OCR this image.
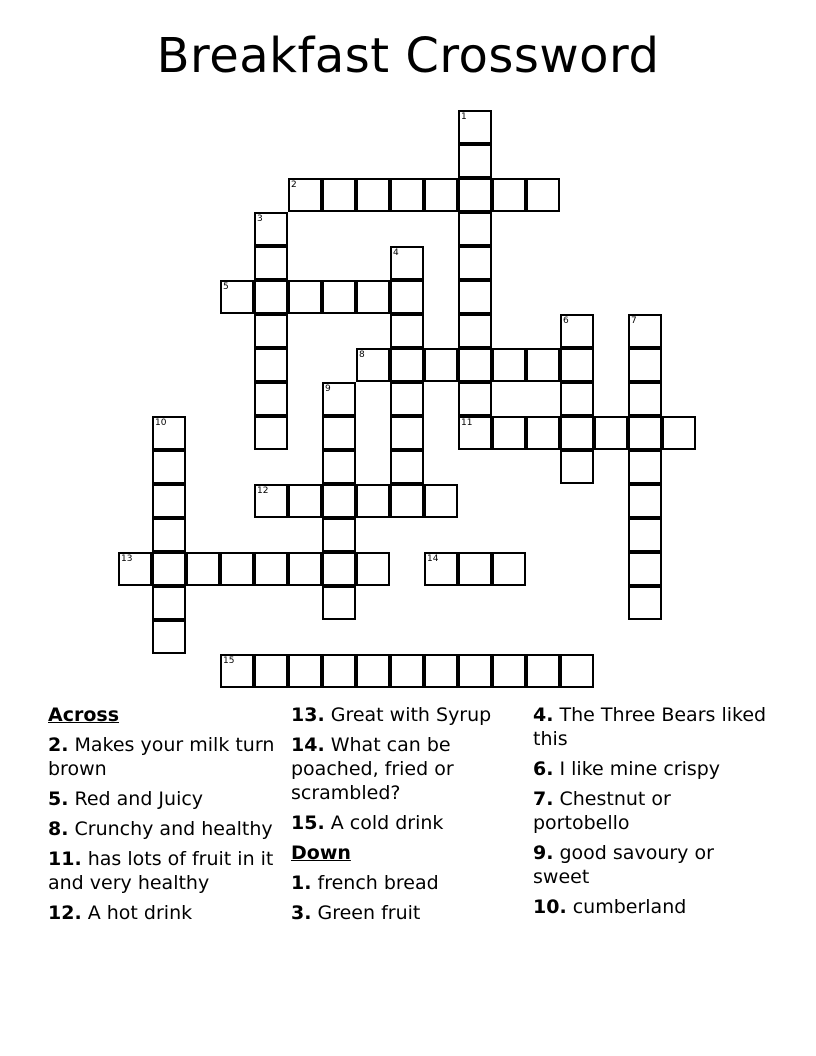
Breakfast Crossword
1
11
2
3
4
5
6	7
8
9
10
12
13	14
15
Across
2. Makes your milk turn brown
5. Red and Juicy
8. Crunchy and healthy
11. has lots of fruit in it and very healthy
12. A hot drink
13. Great with Syrup
14. What can be poached, fried or scrambled?
15. A cold drink
Down
1. french bread
3. Green fruit
4. The Three Bears liked this
6. I like mine crispy
7. Chestnut or portobello
9. good savoury or sweet
10. cumberland
